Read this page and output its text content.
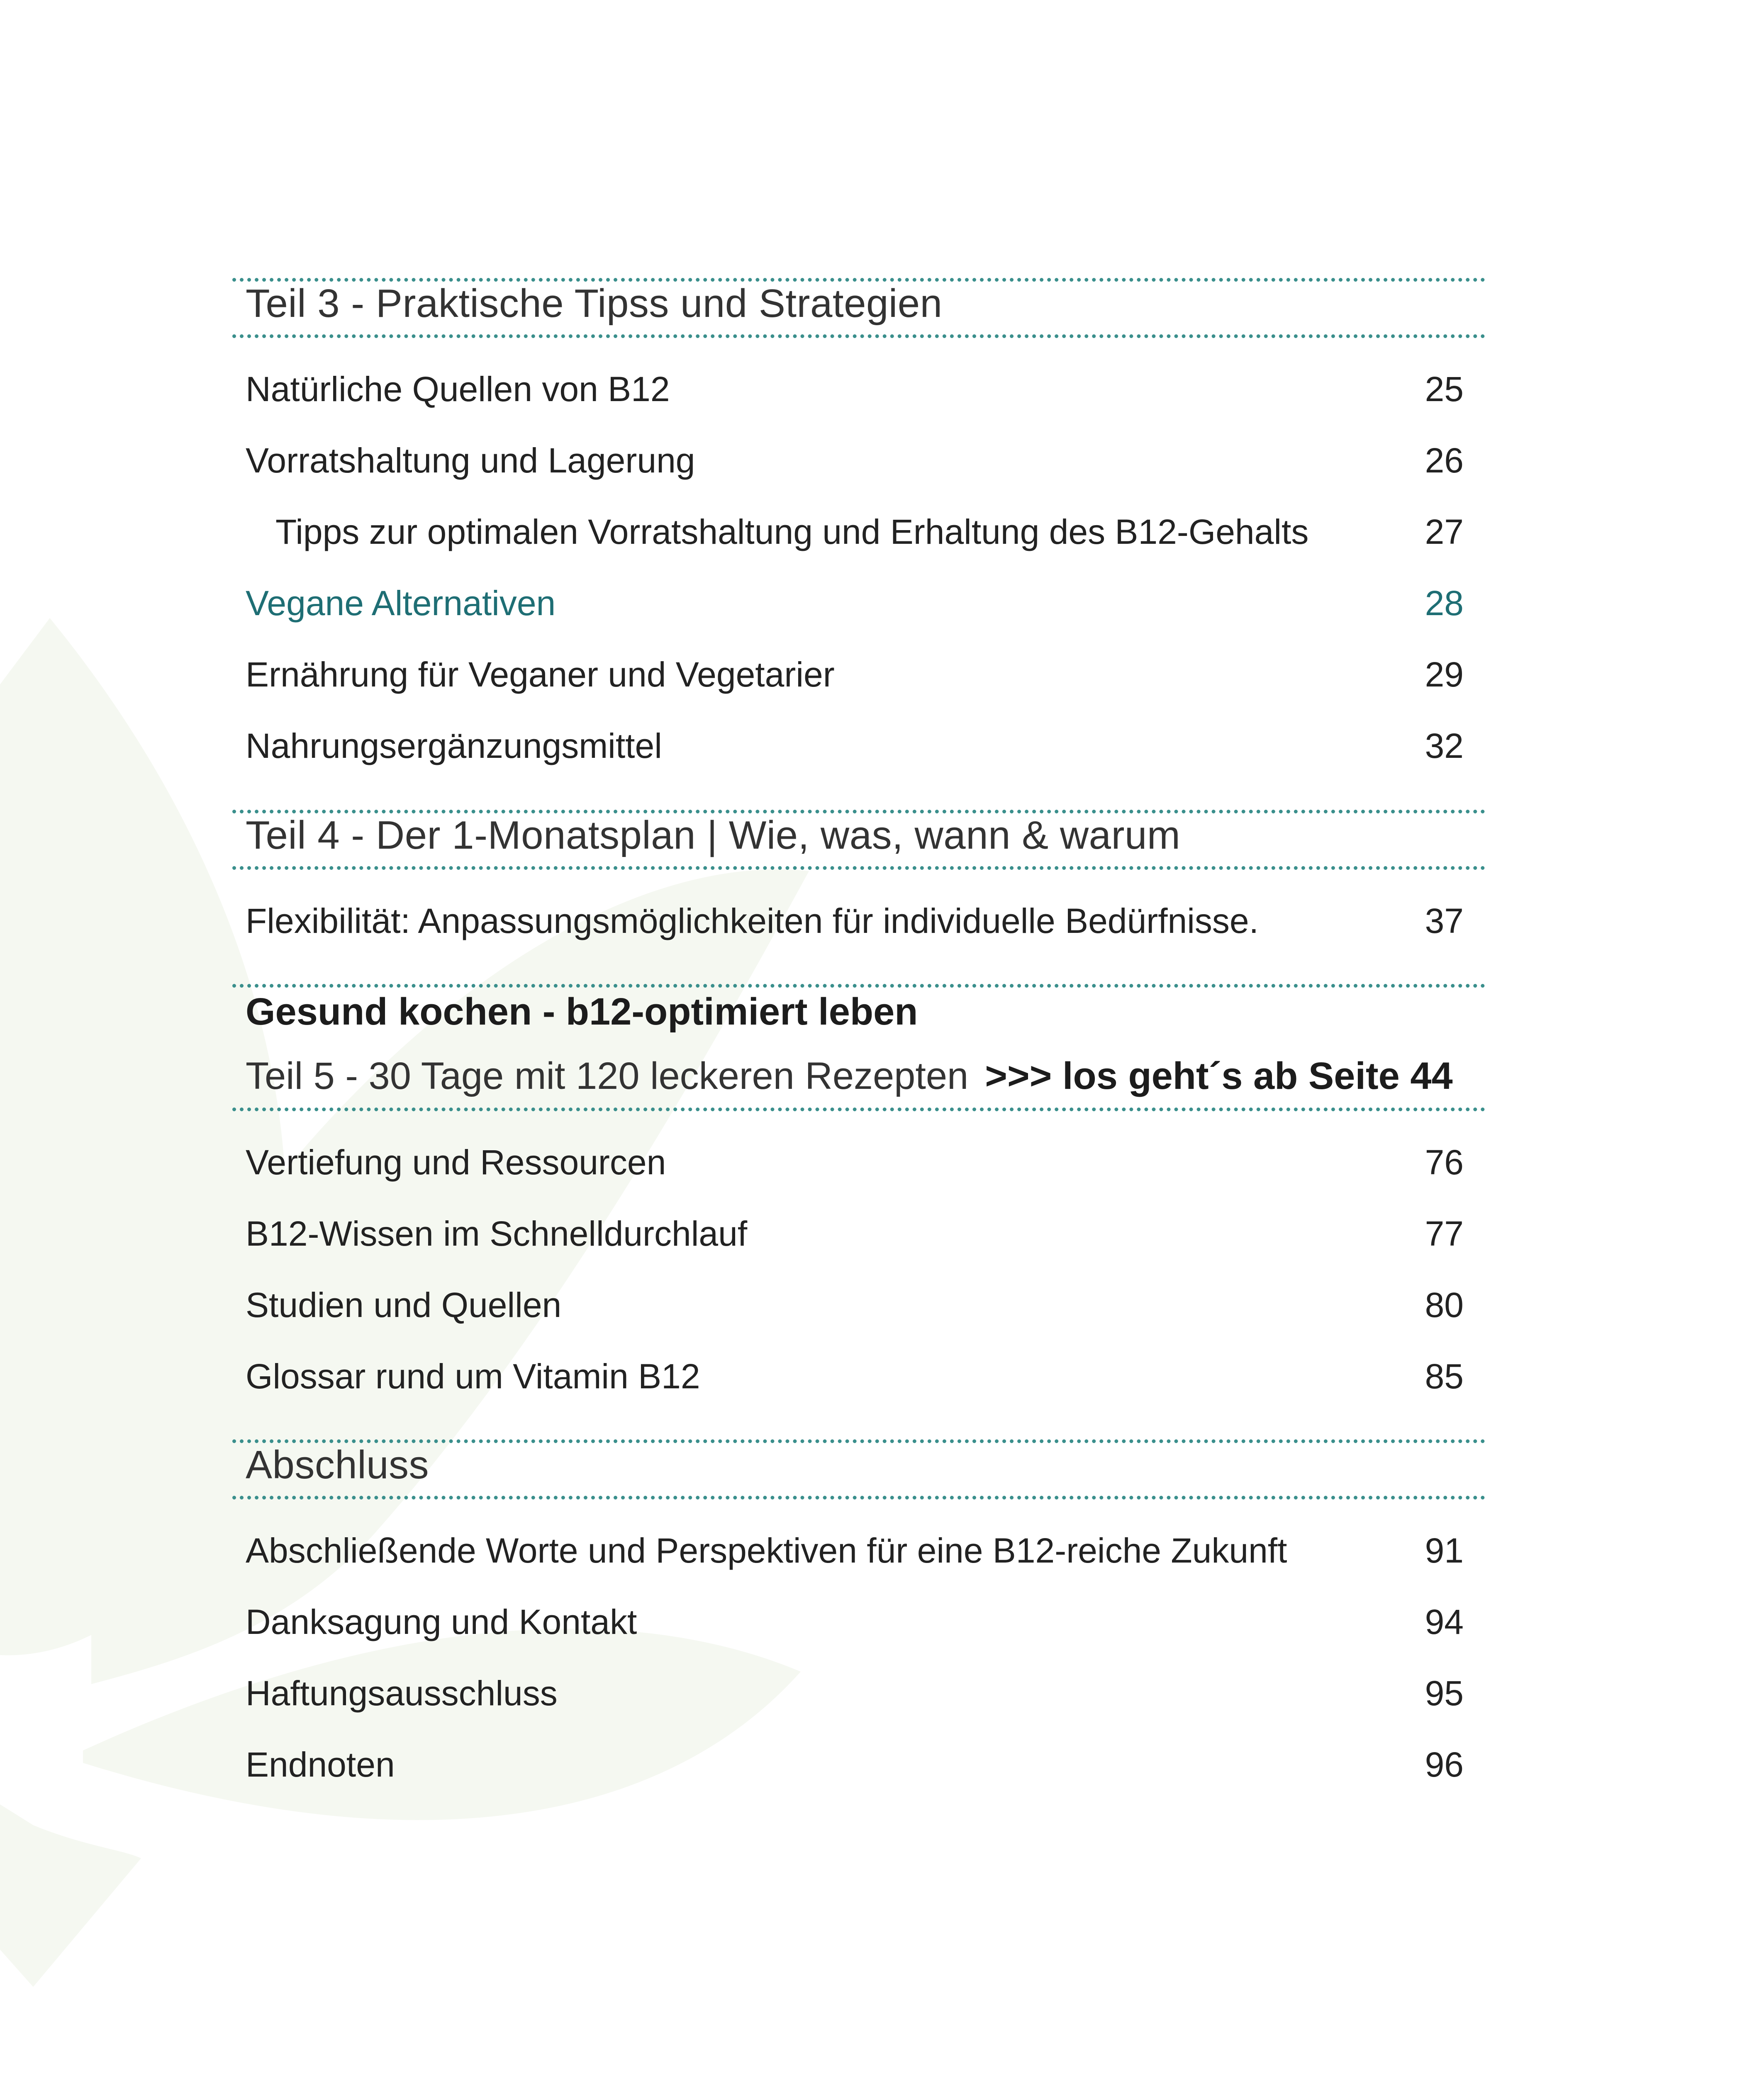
Teil 3 - Praktische Tipss und Strategien
Natürliche Quellen von B12	25
Vorratshaltung und Lagerung	26
Tipps zur optimalen Vorratshaltung und Erhaltung des B12-Gehalts	27
Vegane Alternativen	28
Ernährung für Veganer und Vegetarier	29
Nahrungsergänzungsmittel	32
Teil 4 - Der 1-Monatsplan | Wie, was, wann & warum
Flexibilität: Anpassungsmöglichkeiten für individuelle Bedürfnisse.	37
Gesund kochen - b12-optimiert leben
Teil 5 - 30 Tage mit 120 leckeren Rezepten >>> los geht´s ab Seite 44
Vertiefung und Ressourcen	76
B12-Wissen im Schnelldurchlauf	77
Studien und Quellen	80
Glossar rund um Vitamin B12	85
Abschluss
Abschließende Worte und Perspektiven für eine B12-reiche Zukunft	91
Danksagung und Kontakt	94
Haftungsausschluss	95
Endnoten	96
